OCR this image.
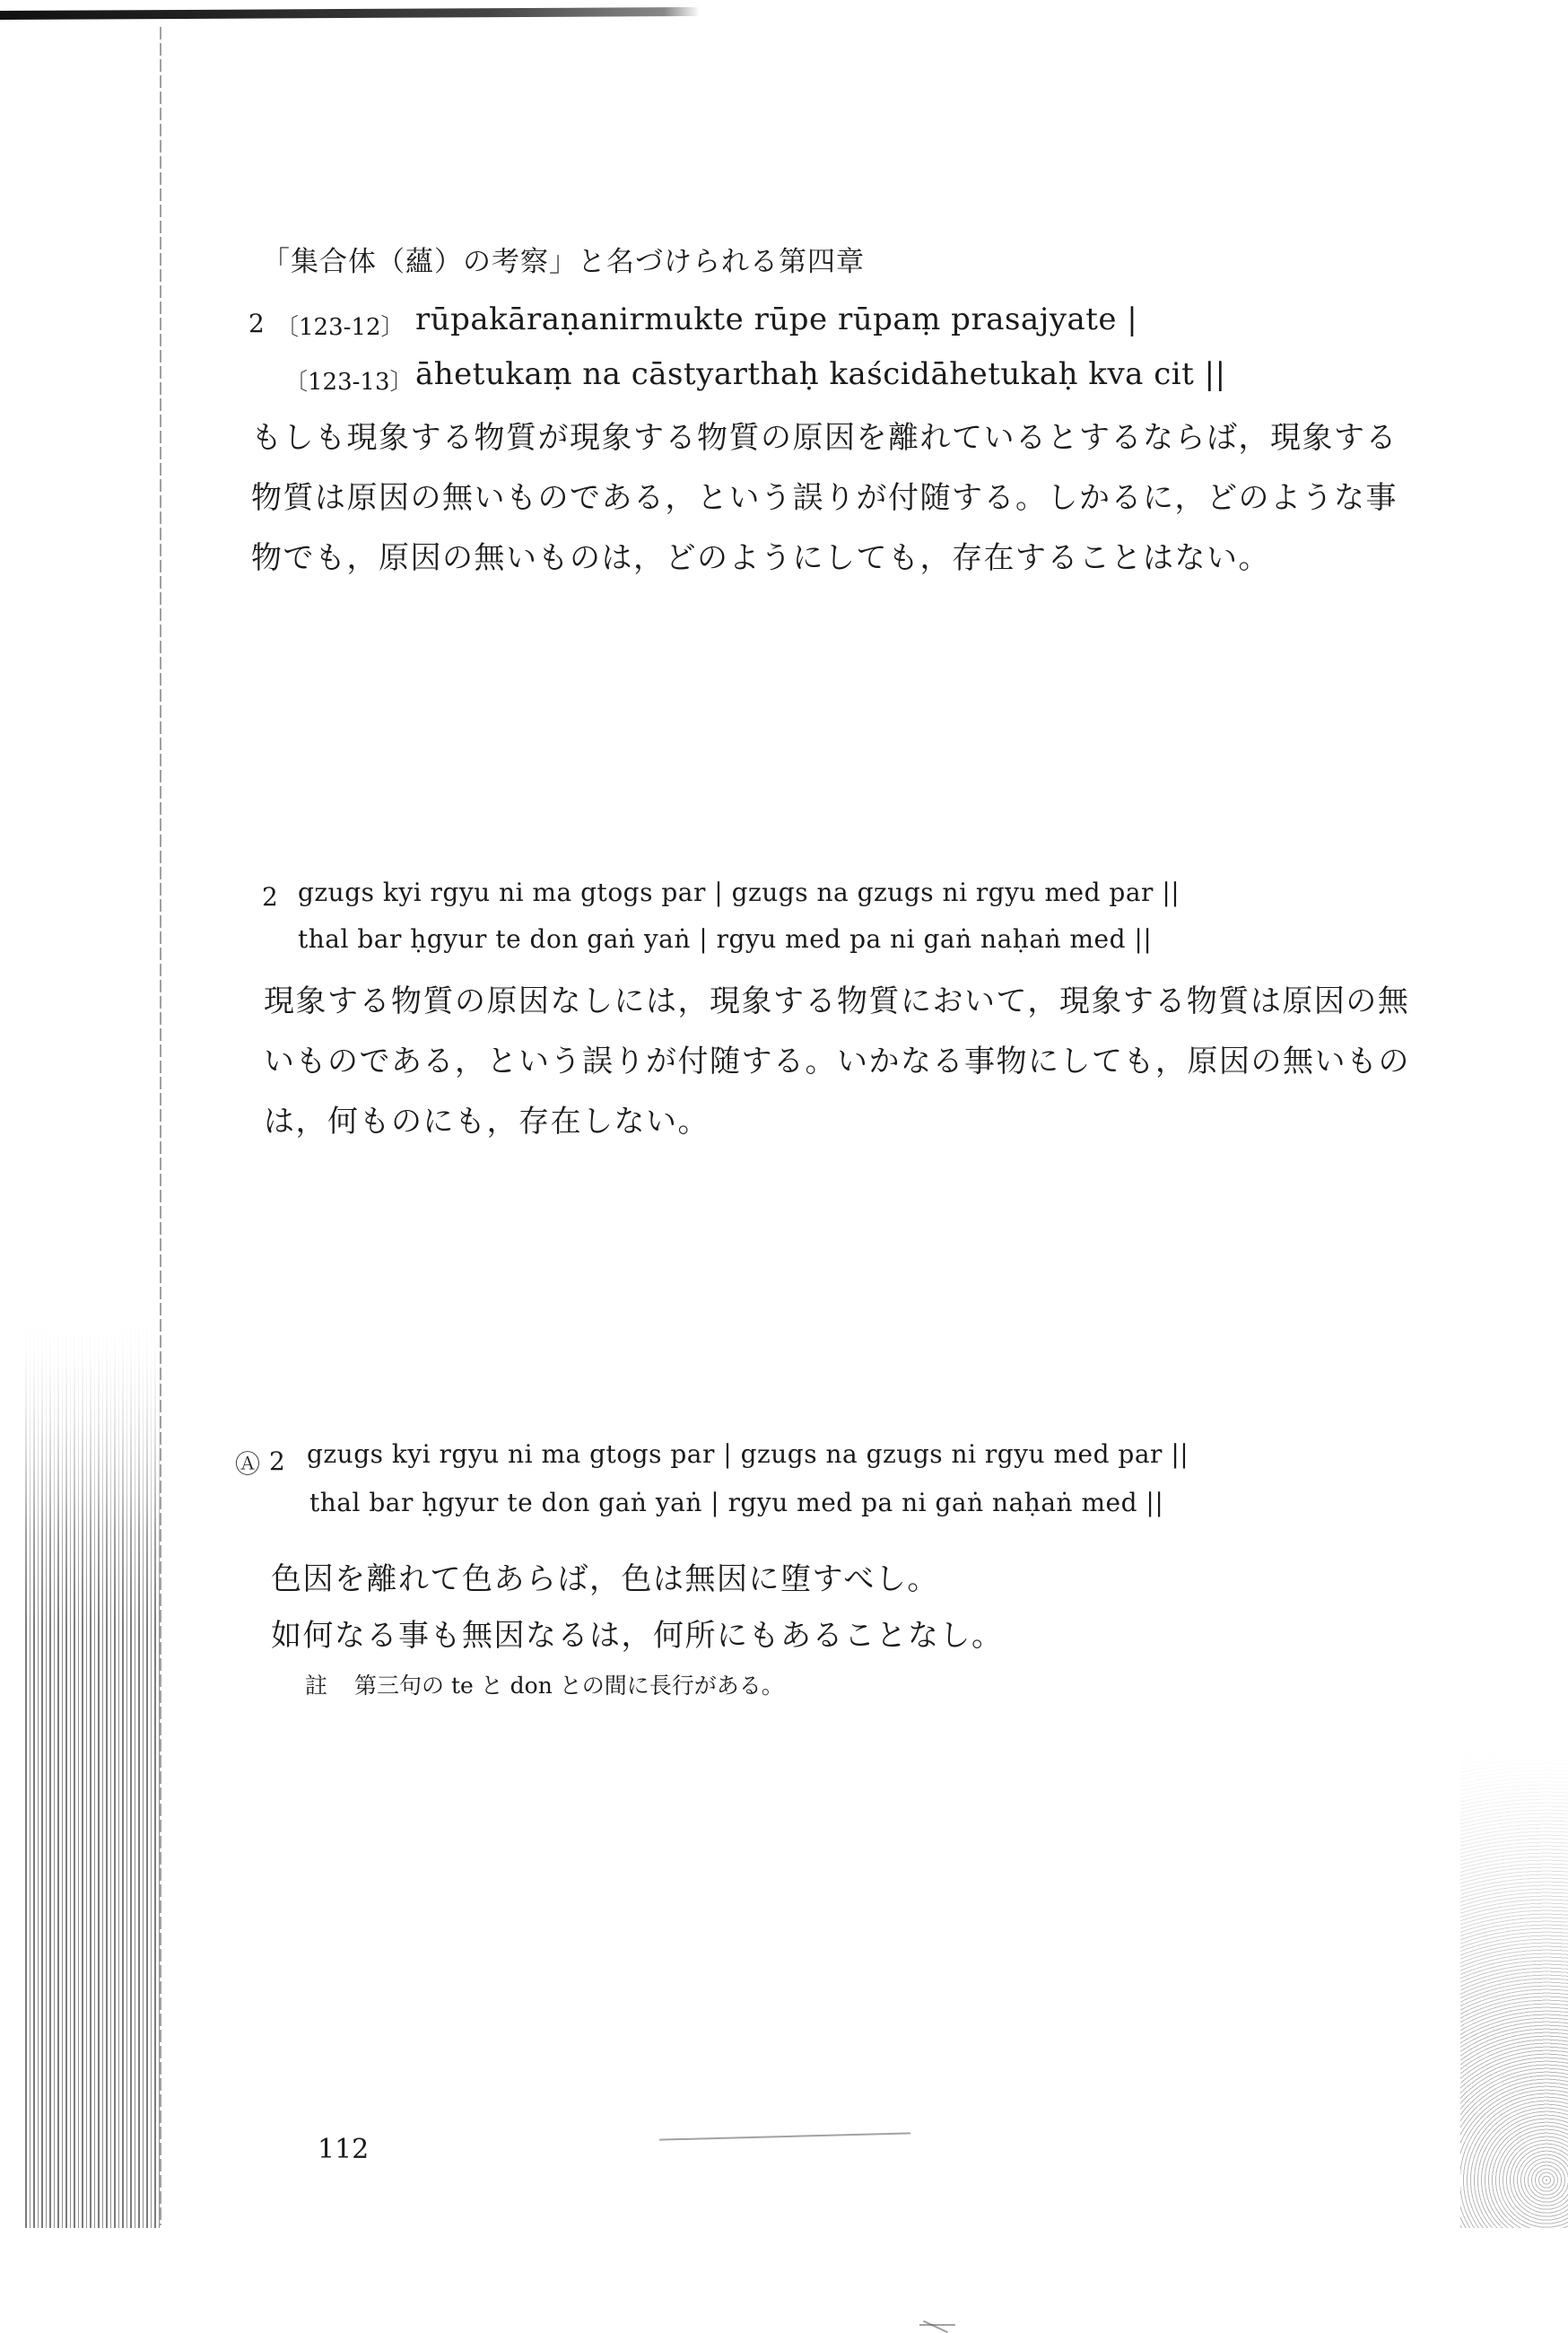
「集合体（蘊）の考察」と名づけられる第四章
2 〔123-12〕 rūpakāraṇanirmukte rūpe rūpaṃ prasajyate |
〔123-13〕 āhetukaṃ na cāstyarthaḥ kaścidāhetukaḥ kva cit ||
もしも現象する物質が現象する物質の原因を離れているとするならば，現象する
物質は原因の無いものである，という誤りが付随する。しかるに，どのような事
物でも，原因の無いものは，どのようにしても，存在することはない。
2 gzugs kyi rgyu ni ma gtogs par | gzugs na gzugs ni rgyu med par ||
thal bar ḥgyur te don gaṅ yaṅ | rgyu med pa ni gaṅ naḥaṅ med ||
現象する物質の原因なしには，現象する物質において，現象する物質は原因の無
いものである，という誤りが付随する。いかなる事物にしても，原因の無いもの
は，何ものにも，存在しない。
Ⓐ 2 gzugs kyi rgyu ni ma gtogs par | gzugs na gzugs ni rgyu med par ||
thal bar ḥgyur te don gaṅ yaṅ | rgyu med pa ni gaṅ naḥaṅ med ||
色因を離れて色あらば，色は無因に堕すべし。
如何なる事も無因なるは，何所にもあることなし。
註 第三句の te と don との間に長行がある。
112
